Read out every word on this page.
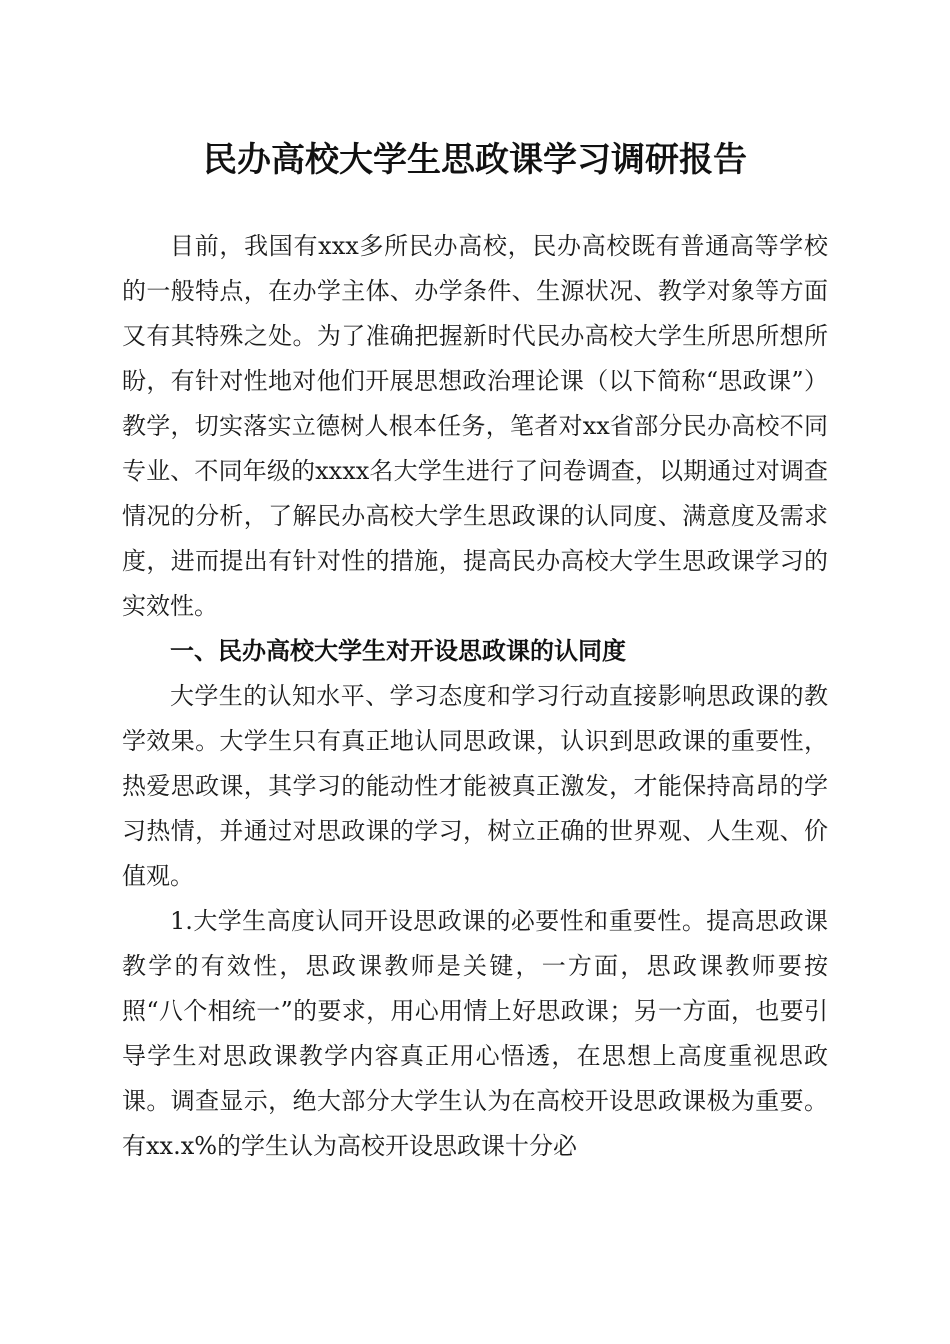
民办高校大学生思政课学习调研报告

目前，我国有xxx多所民办高校，民办高校既有普通高等学校的一般特点，在办学主体、办学条件、生源状况、教学对象等方面又有其特殊之处。为了准确把握新时代民办高校大学生所思所想所盼，有针对性地对他们开展思想政治理论课（以下简称“思政课”）教学，切实落实立德树人根本任务，笔者对xx省部分民办高校不同专业、不同年级的xxxx名大学生进行了问卷调查，以期通过对调查情况的分析，了解民办高校大学生思政课的认同度、满意度及需求度，进而提出有针对性的措施，提高民办高校大学生思政课学习的实效性。

一、民办高校大学生对开设思政课的认同度

大学生的认知水平、学习态度和学习行动直接影响思政课的教学效果。大学生只有真正地认同思政课，认识到思政课的重要性，热爱思政课，其学习的能动性才能被真正激发，才能保持高昂的学习热情，并通过对思政课的学习，树立正确的世界观、人生观、价值观。

1.大学生高度认同开设思政课的必要性和重要性。提高思政课教学的有效性，思政课教师是关键，一方面，思政课教师要按照“八个相统一”的要求，用心用情上好思政课；另一方面，也要引导学生对思政课教学内容真正用心悟透，在思想上高度重视思政课。调查显示，绝大部分大学生认为在高校开设思政课极为重要。有xx.x%的学生认为高校开设思政课十分必
